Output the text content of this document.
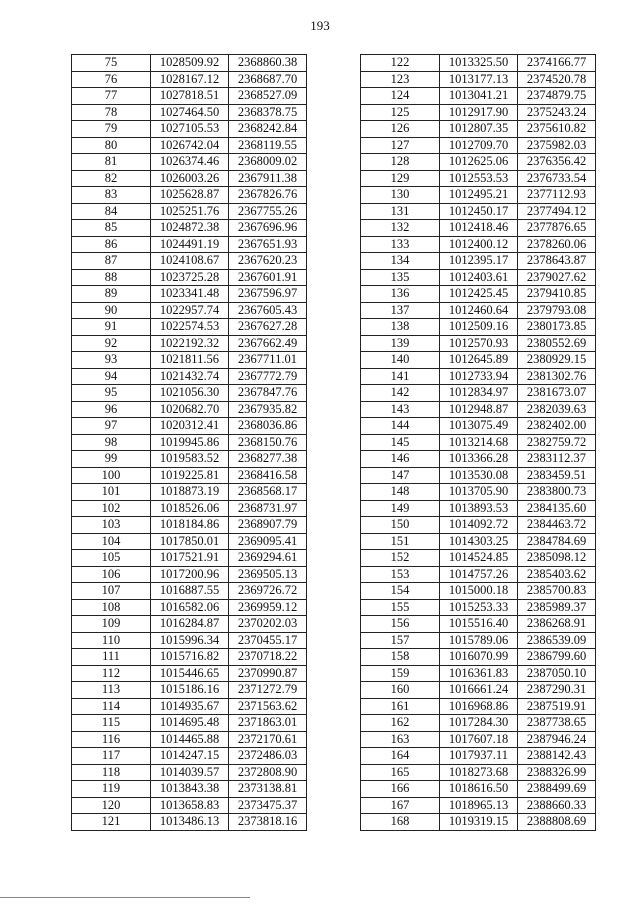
193
75	1028509.92	2368860.38
76	1028167.12	2368687.70
77	1027818.51	2368527.09
78	1027464.50	2368378.75
79	1027105.53	2368242.84
80	1026742.04	2368119.55
81	1026374.46	2368009.02
82	1026003.26	2367911.38
83	1025628.87	2367826.76
84	1025251.76	2367755.26
85	1024872.38	2367696.96
86	1024491.19	2367651.93
87	1024108.67	2367620.23
88	1023725.28	2367601.91
89	1023341.48	2367596.97
90	1022957.74	2367605.43
91	1022574.53	2367627.28
92	1022192.32	2367662.49
93	1021811.56	2367711.01
94	1021432.74	2367772.79
95	1021056.30	2367847.76
96	1020682.70	2367935.82
97	1020312.41	2368036.86
98	1019945.86	2368150.76
99	1019583.52	2368277.38
100	1019225.81	2368416.58
101	1018873.19	2368568.17
102	1018526.06	2368731.97
103	1018184.86	2368907.79
104	1017850.01	2369095.41
105	1017521.91	2369294.61
106	1017200.96	2369505.13
107	1016887.55	2369726.72
108	1016582.06	2369959.12
109	1016284.87	2370202.03
110	1015996.34	2370455.17
111	1015716.82	2370718.22
112	1015446.65	2370990.87
113	1015186.16	2371272.79
114	1014935.67	2371563.62
115	1014695.48	2371863.01
116	1014465.88	2372170.61
117	1014247.15	2372486.03
118	1014039.57	2372808.90
119	1013843.38	2373138.81
120	1013658.83	2373475.37
121	1013486.13	2373818.16
122	1013325.50	2374166.77
123	1013177.13	2374520.78
124	1013041.21	2374879.75
125	1012917.90	2375243.24
126	1012807.35	2375610.82
127	1012709.70	2375982.03
128	1012625.06	2376356.42
129	1012553.53	2376733.54
130	1012495.21	2377112.93
131	1012450.17	2377494.12
132	1012418.46	2377876.65
133	1012400.12	2378260.06
134	1012395.17	2378643.87
135	1012403.61	2379027.62
136	1012425.45	2379410.85
137	1012460.64	2379793.08
138	1012509.16	2380173.85
139	1012570.93	2380552.69
140	1012645.89	2380929.15
141	1012733.94	2381302.76
142	1012834.97	2381673.07
143	1012948.87	2382039.63
144	1013075.49	2382402.00
145	1013214.68	2382759.72
146	1013366.28	2383112.37
147	1013530.08	2383459.51
148	1013705.90	2383800.73
149	1013893.53	2384135.60
150	1014092.72	2384463.72
151	1014303.25	2384784.69
152	1014524.85	2385098.12
153	1014757.26	2385403.62
154	1015000.18	2385700.83
155	1015253.33	2385989.37
156	1015516.40	2386268.91
157	1015789.06	2386539.09
158	1016070.99	2386799.60
159	1016361.83	2387050.10
160	1016661.24	2387290.31
161	1016968.86	2387519.91
162	1017284.30	2387738.65
163	1017607.18	2387946.24
164	1017937.11	2388142.43
165	1018273.68	2388326.99
166	1018616.50	2388499.69
167	1018965.13	2388660.33
168	1019319.15	2388808.69
